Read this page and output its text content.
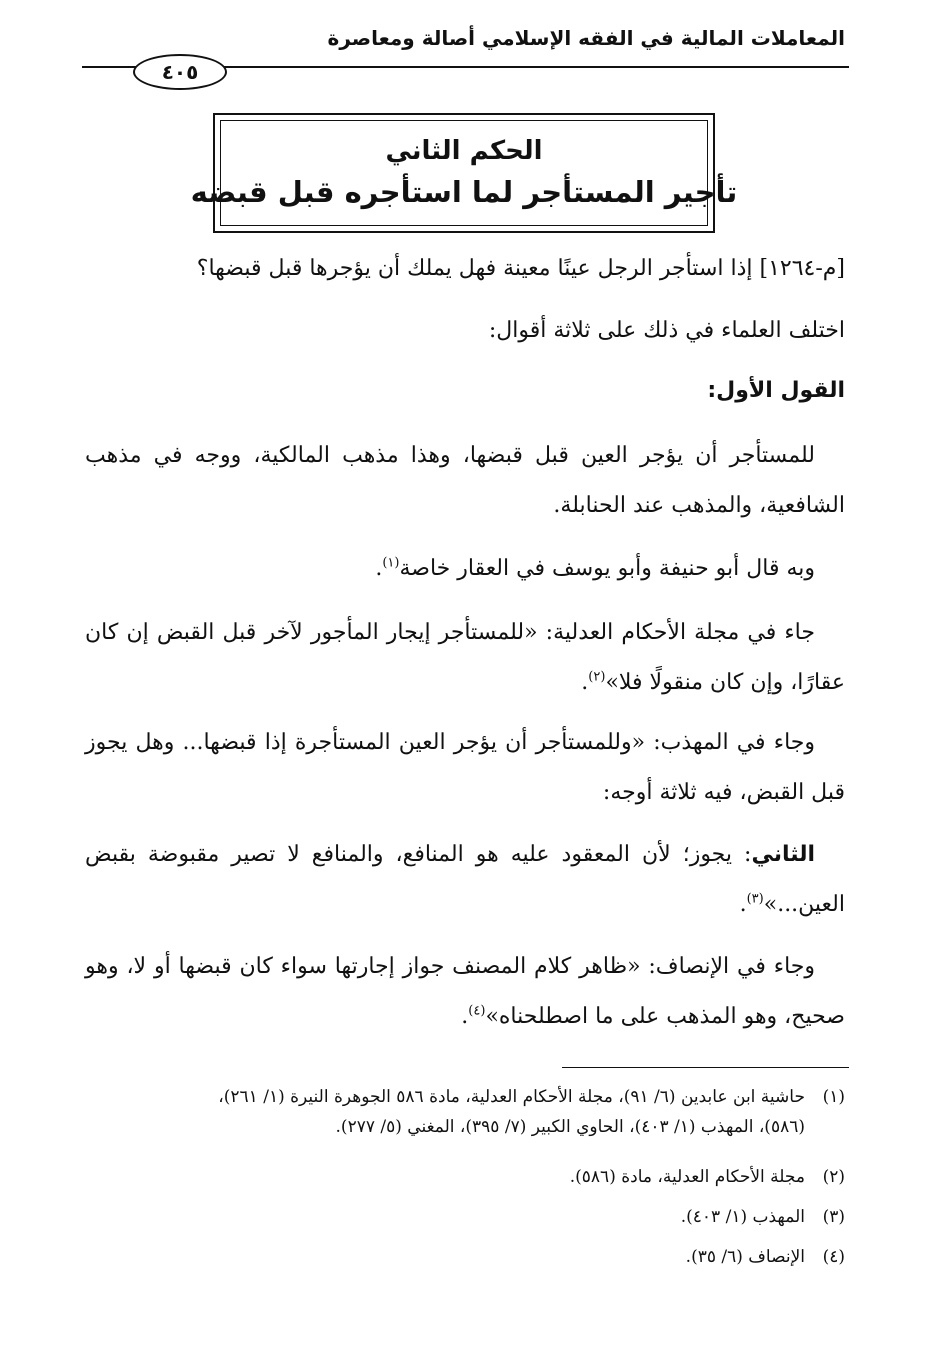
المعاملات المالية في الفقه الإسلامي أصالة ومعاصرة
٤٠٥
الحكم الثاني
تأجير المستأجر لما استأجره قبل قبضه
[م-١٢٦٤] إذا استأجر الرجل عينًا معينة فهل يملك أن يؤجرها قبل قبضها؟
اختلف العلماء في ذلك على ثلاثة أقوال:
القول الأول:
للمستأجر أن يؤجر العين قبل قبضها، وهذا مذهب المالكية، ووجه في مذهب الشافعية، والمذهب عند الحنابلة.
وبه قال أبو حنيفة وأبو يوسف في العقار خاصة$^{(١)}$.
جاء في مجلة الأحكام العدلية: «للمستأجر إيجار المأجور لآخر قبل القبض إن كان عقارًا، وإن كان منقولًا فلا»$^{(٢)}$.
وجاء في المهذب: «وللمستأجر أن يؤجر العين المستأجرة إذا قبضها... وهل يجوز قبل القبض، فيه ثلاثة أوجه:
الثاني: يجوز؛ لأن المعقود عليه هو المنافع، والمنافع لا تصير مقبوضة بقبض العين...»$^{(٣)}$.
وجاء في الإنصاف: «ظاهر كلام المصنف جواز إجارتها سواء كان قبضها أو لا، وهو صحيح، وهو المذهب على ما اصطلحناه»$^{(٤)}$.
(١)حاشية ابن عابدين (٦/ ٩١)، مجلة الأحكام العدلية، مادة ٥٨٦ الجوهرة النيرة (١/ ٢٦١)،
(٥٨٦)، المهذب (١/ ٤٠٣)، الحاوي الكبير (٧/ ٣٩٥)، المغني (٥/ ٢٧٧).
(٢)مجلة الأحكام العدلية، مادة (٥٨٦).
(٣)المهذب (١/ ٤٠٣).
(٤)الإنصاف (٦/ ٣٥).
